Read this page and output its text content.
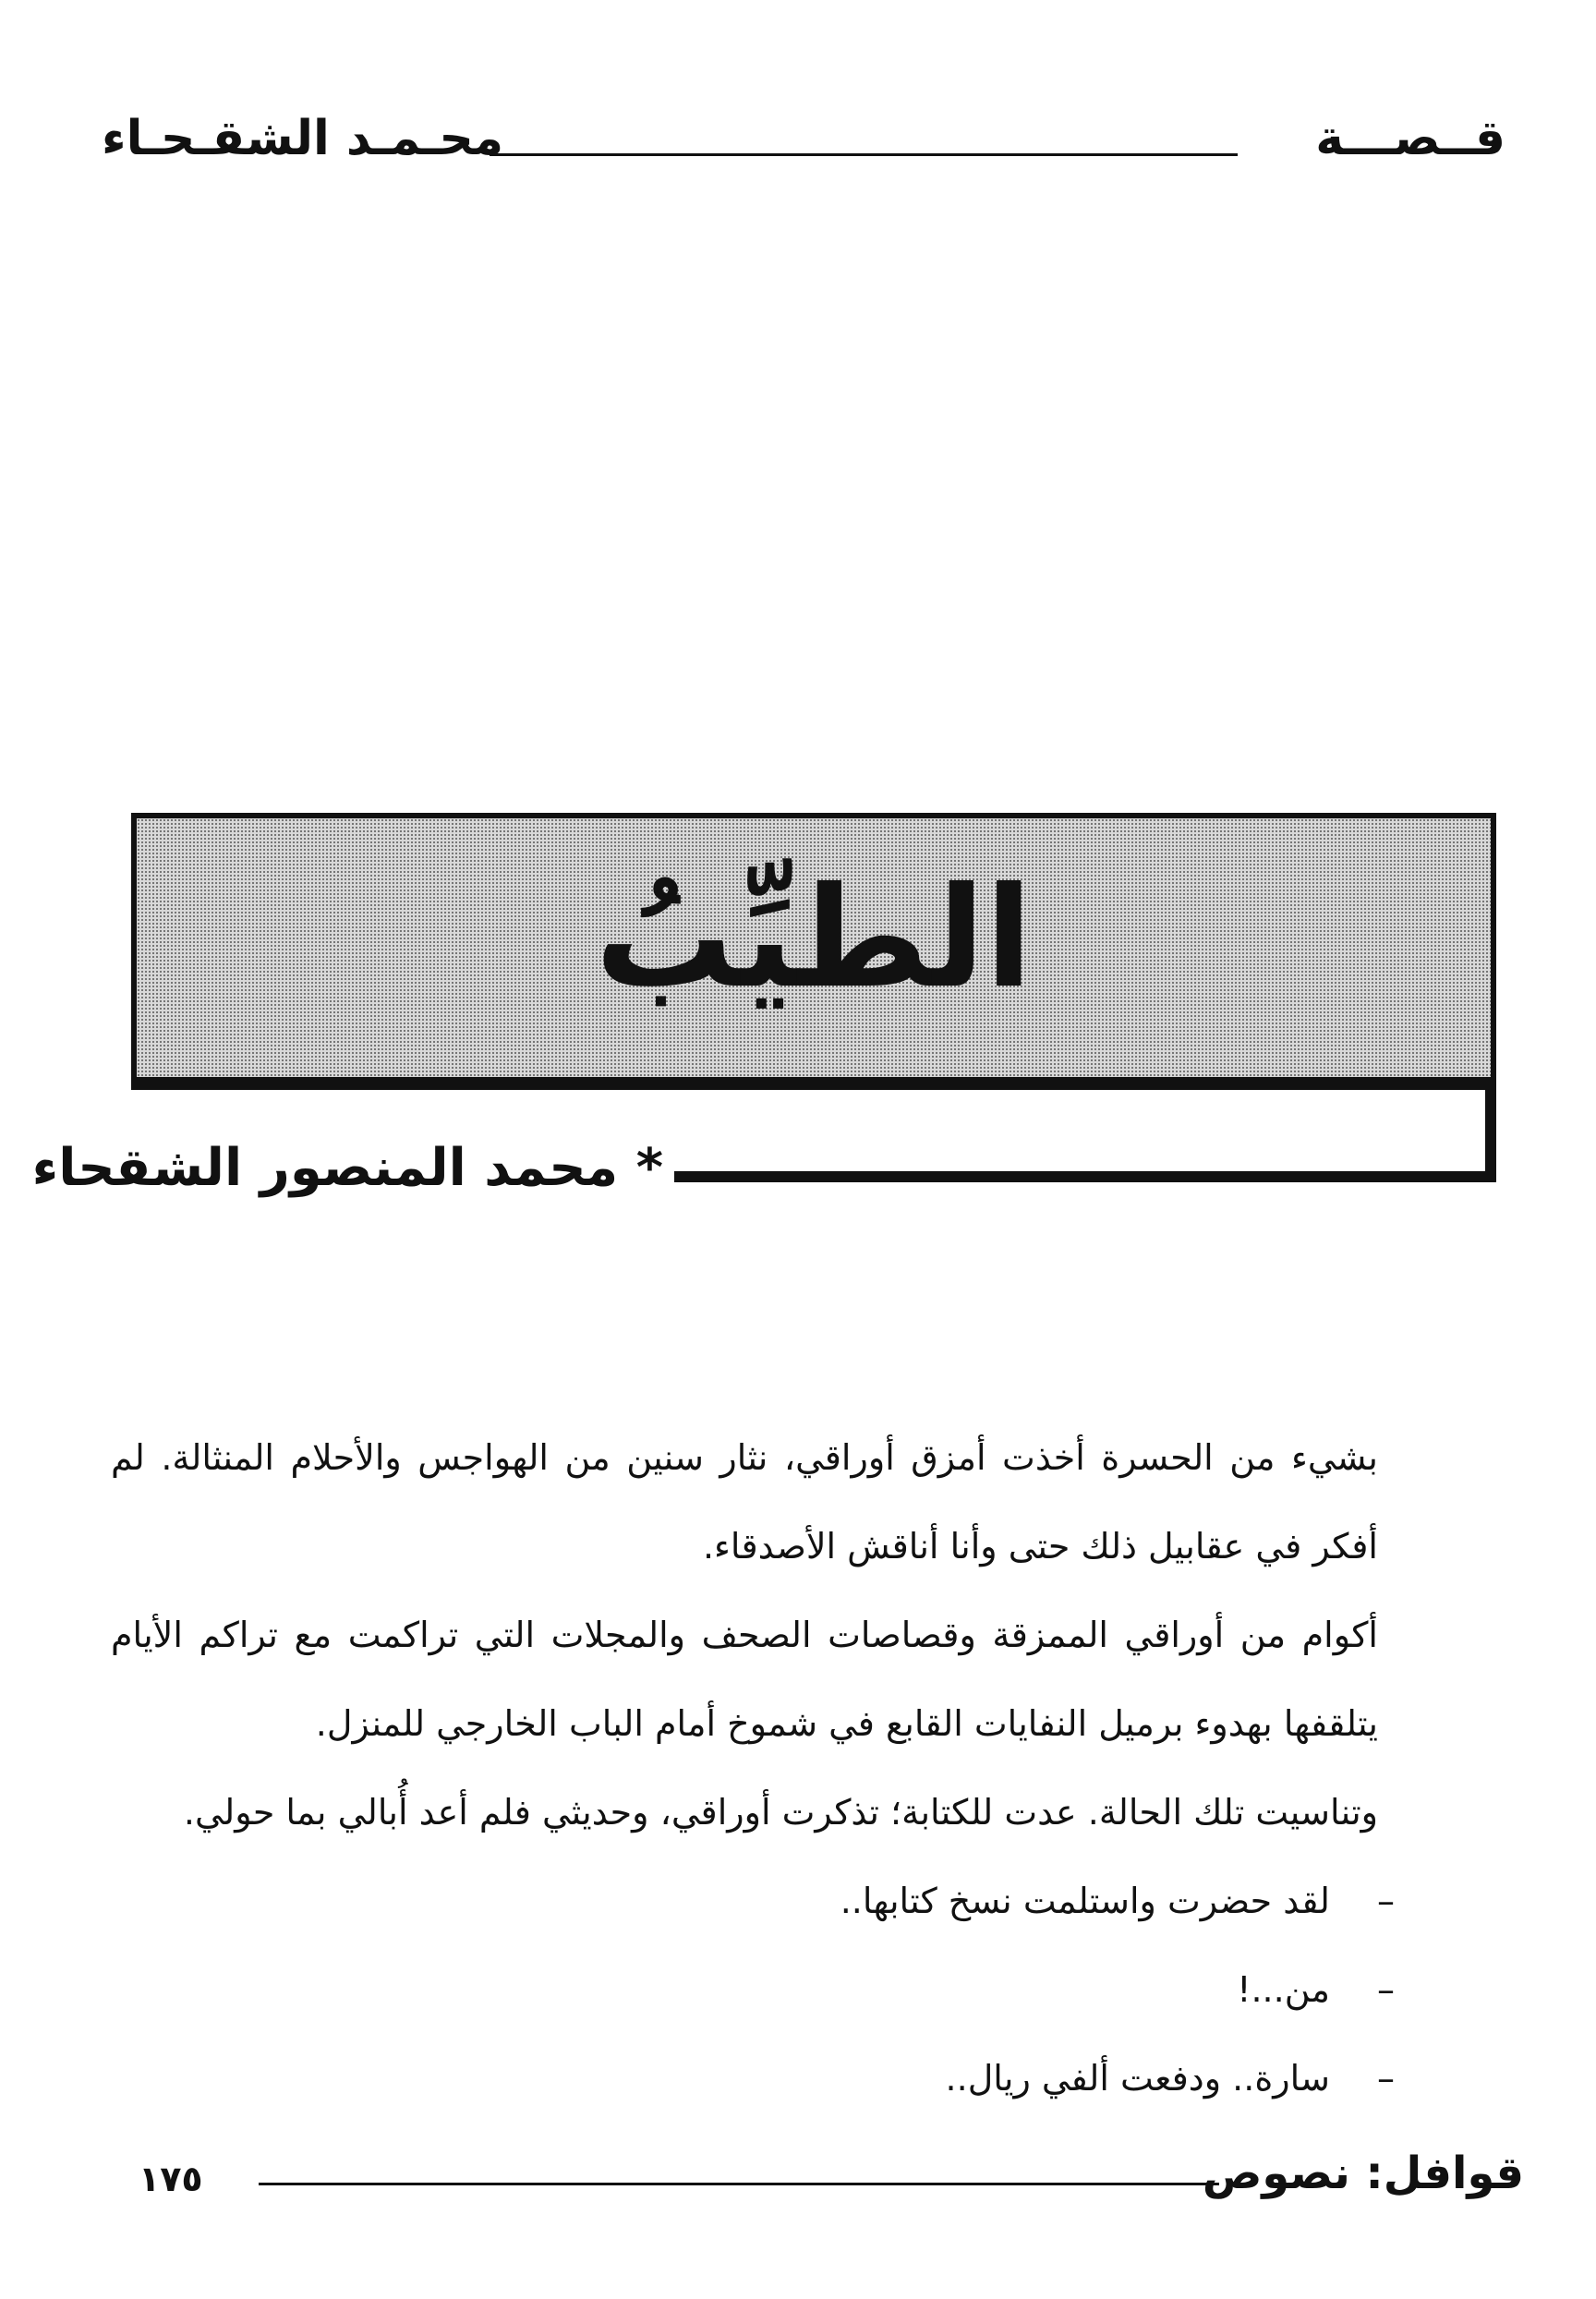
قــصـــة
محـمـد الشقـحـاء
الطيِّبُ
* محمد المنصور الشقحاء

بشيء من الحسرة أخذت أمزق أوراقي، نثار سنين من الهواجس والأحلام المنثالة. لم أفكر في عقابيل ذلك حتى وأنا أناقش الأصدقاء.

أكوام من أوراقي الممزقة وقصاصات الصحف والمجلات التي تراكمت مع تراكم الأيام يتلقفها بهدوء برميل النفايات القابع في شموخ أمام الباب الخارجي للمنزل.

وتناسيت تلك الحالة. عدت للكتابة؛ تذكرت أوراقي، وحديثي فلم أعد أُبالي بما حولي.

–لقد حضرت واستلمت نسخ كتابها..
–من...!
–سارة.. ودفعت ألفي ريال..
قوافل: نصوص
١٧٥
